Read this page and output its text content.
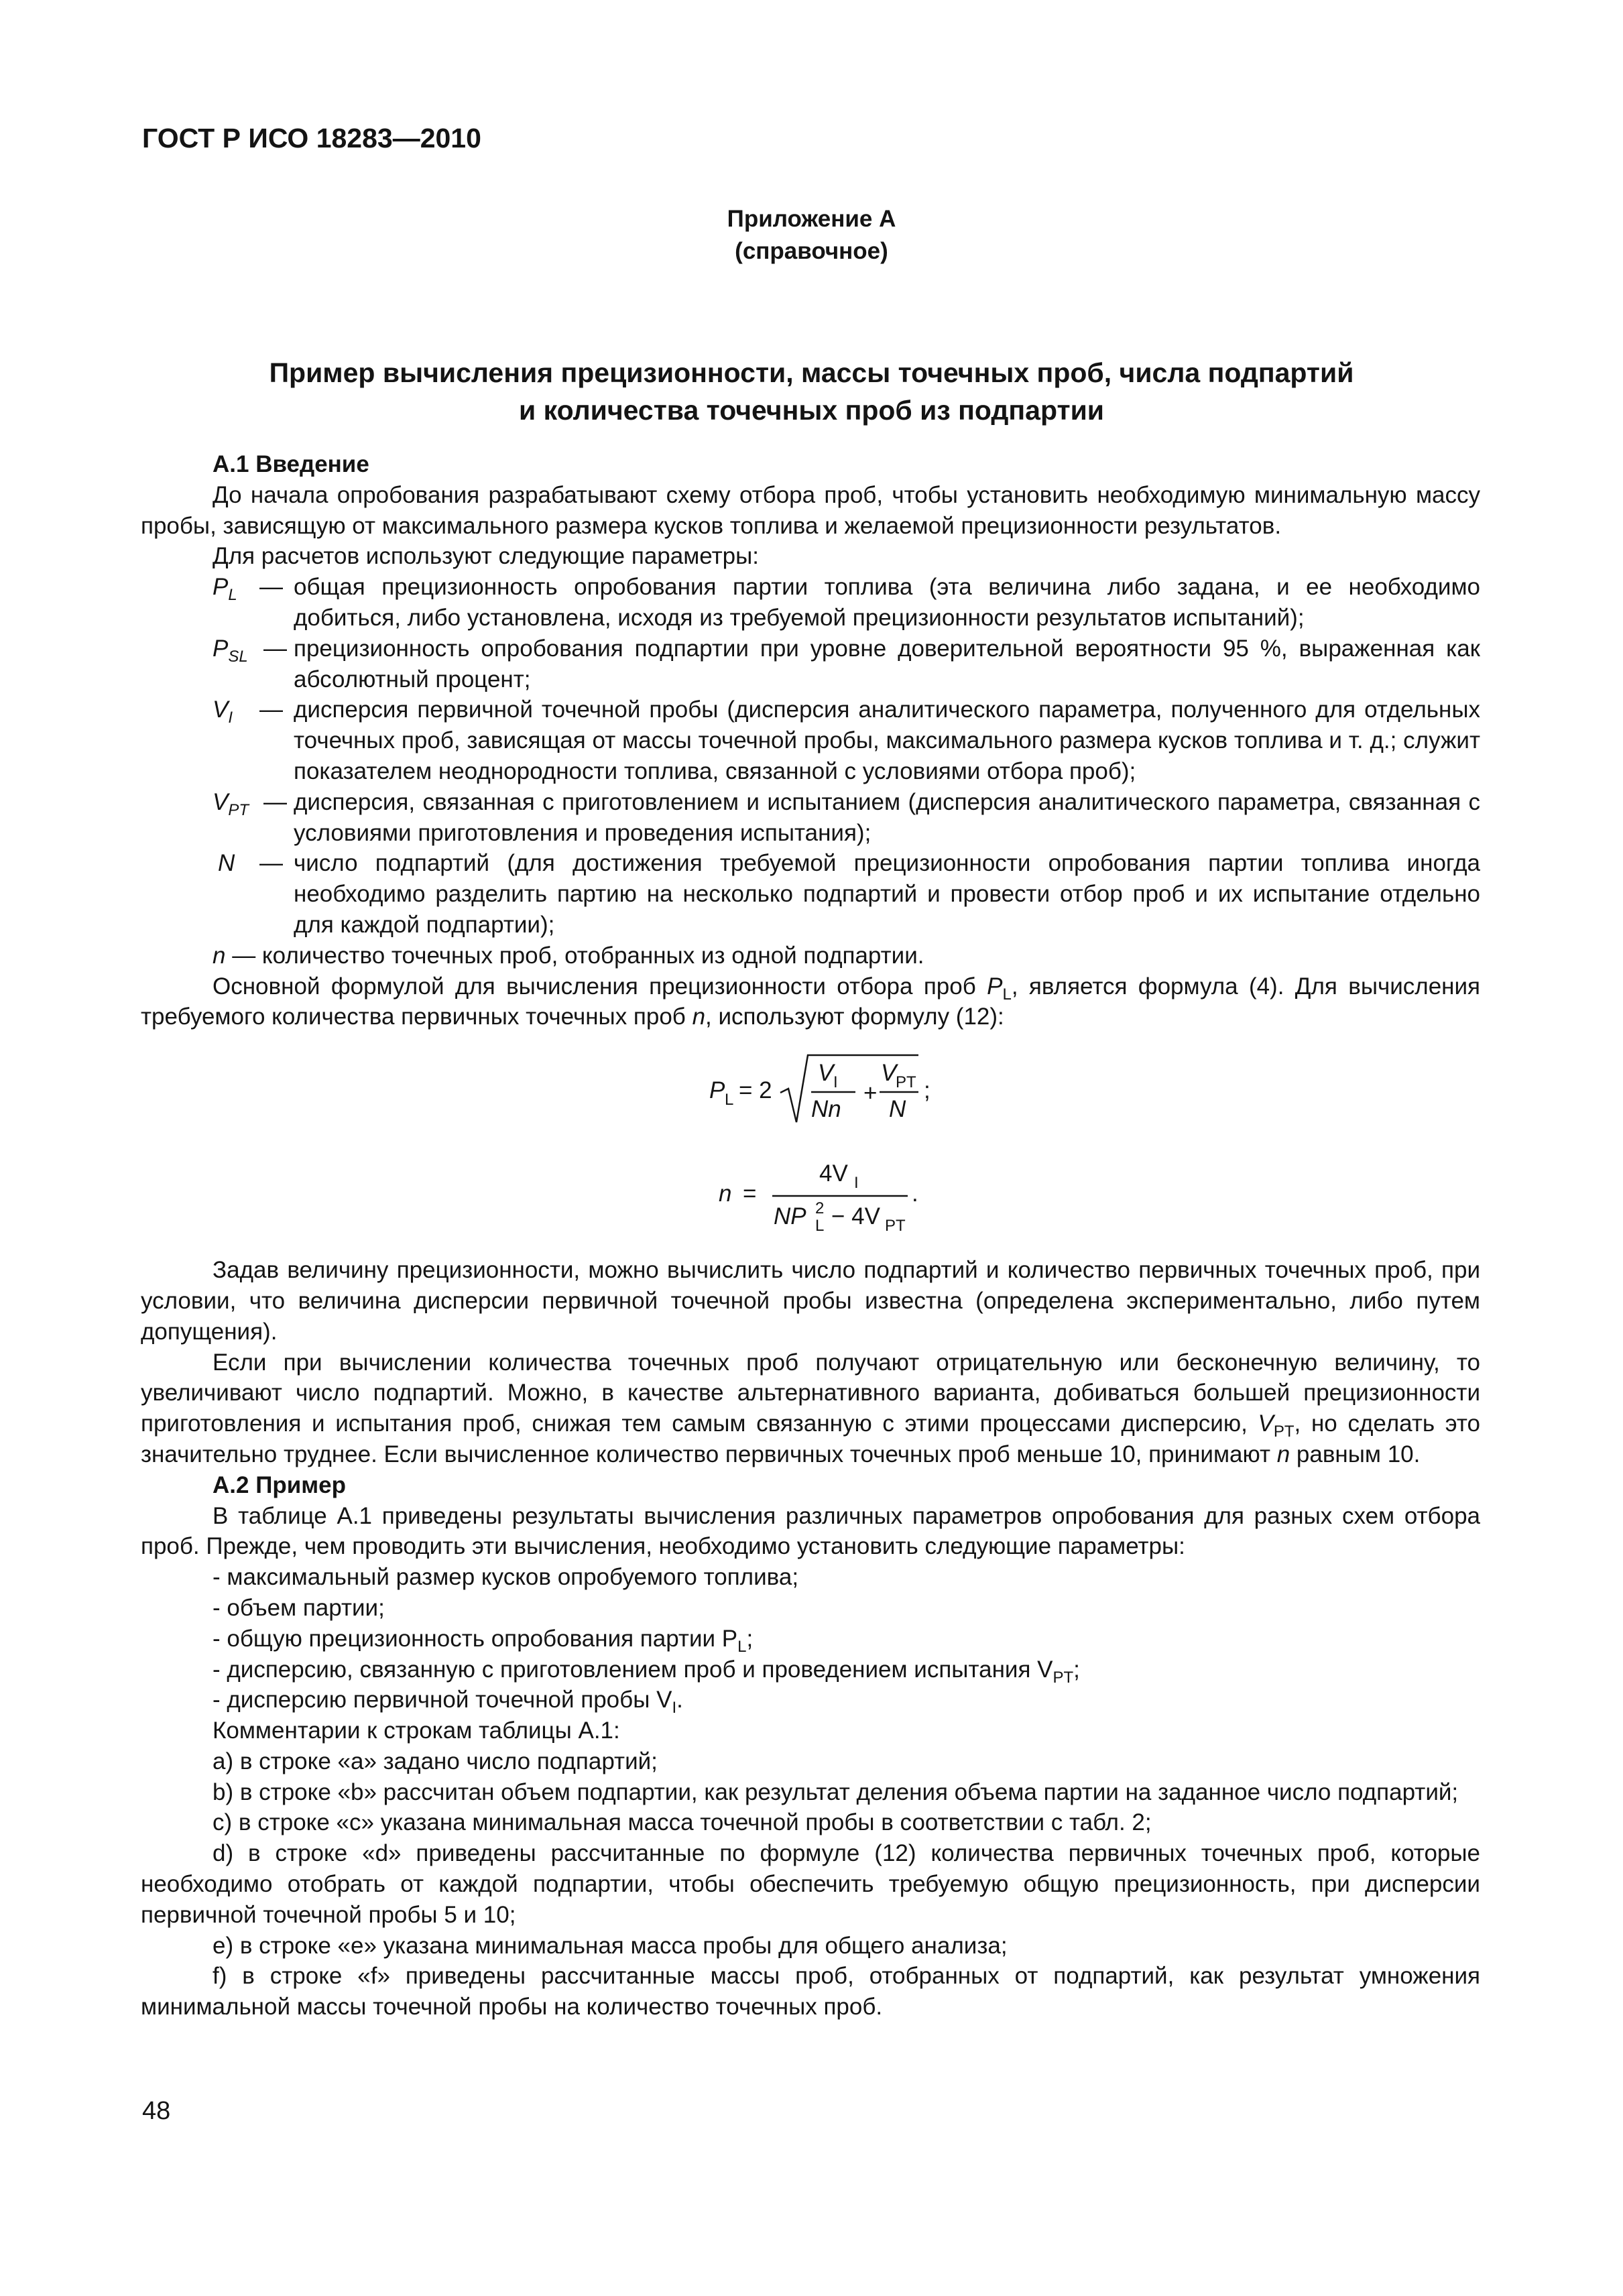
ГОСТ Р ИСО 18283—2010
Приложение А
(справочное)
Пример вычисления прецизионности, массы точечных проб, числа подпартий
и количества точечных проб из подпартии

А.1 Введение

До начала опробования разрабатывают схему отбора проб, чтобы установить необходимую минимальную массу пробы, зависящую от максимального размера кусков топлива и желаемой прецизионности результатов.

Для расчетов используют следующие параметры:

$P_L$ — общая прецизионность опробования партии топлива (эта величина либо задана, и ее необходимо добиться, либо установлена, исходя из требуемой прецизионности результатов испытаний);

$P_{SL}$ — прецизионность опробования подпартии при уровне доверительной вероятности 95 %, выраженная как абсолютный процент;

$V_I$ — дисперсия первичной точечной пробы (дисперсия аналитического параметра, полученного для отдельных точечных проб, зависящая от массы точечной пробы, максимального размера кусков топлива и т. д.; служит показателем неоднородности топлива, связанной с условиями отбора проб);

$V_{PT}$ — дисперсия, связанная с приготовлением и испытанием (дисперсия аналитического параметра, связанная с условиями приготовления и проведения испытания);

N — число подпартий (для достижения требуемой прецизионности опробования партии топлива иногда необходимо разделить партию на несколько подпартий и провести отбор проб и их испытание отдельно для каждой подпартии);

n — количество точечных проб, отобранных из одной подпартии.

Основной формулой для вычисления прецизионности отбора проб $P_L$, является формула (4). Для вычисления требуемого количества первичных точечных проб n, используют формулу (12):

P L = 2
V I
Nn
+
V
PT
N
;
n =
4V I
NP 2
L − 4V PT
.

Задав величину прецизионности, можно вычислить число подпартий и количество первичных точечных проб, при условии, что величина дисперсии первичной точечной пробы известна (определена экспериментально, либо путем допущения).

Если при вычислении количества точечных проб получают отрицательную или бесконечную величину, то увеличивают число подпартий. Можно, в качестве альтернативного варианта, добиваться большей прецизионности приготовления и испытания проб, снижая тем самым связанную с этими процессами дисперсию, $V_{PT}$, но сделать это значительно труднее. Если вычисленное количество первичных точечных проб меньше 10, принимают n равным 10.

А.2 Пример

В таблице А.1 приведены результаты вычисления различных параметров опробования для разных схем отбора проб. Прежде, чем проводить эти вычисления, необходимо установить следующие параметры:

- максимальный размер кусков опробуемого топлива;

- объем партии;

- общую прецизионность опробования партии $P_L$;

- дисперсию, связанную с приготовлением проб и проведением испытания $V_{PT}$;

- дисперсию первичной точечной пробы $V_I$.

Комментарии к строкам таблицы А.1:

а) в строке «а» задано число подпартий;

b) в строке «b» рассчитан объем подпартии, как результат деления объема партии на заданное число подпартий;

c) в строке «c» указана минимальная масса точечной пробы в соответствии с табл. 2;

d) в строке «d» приведены рассчитанные по формуле (12) количества первичных точечных проб, которые необходимо отобрать от каждой подпартии, чтобы обеспечить требуемую общую прецизионность, при дисперсии первичной точечной пробы 5 и 10;

e) в строке «e» указана минимальная масса пробы для общего анализа;

f) в строке «f» приведены рассчитанные массы проб, отобранных от подпартий, как результат умножения минимальной массы точечной пробы на количество точечных проб.

48
